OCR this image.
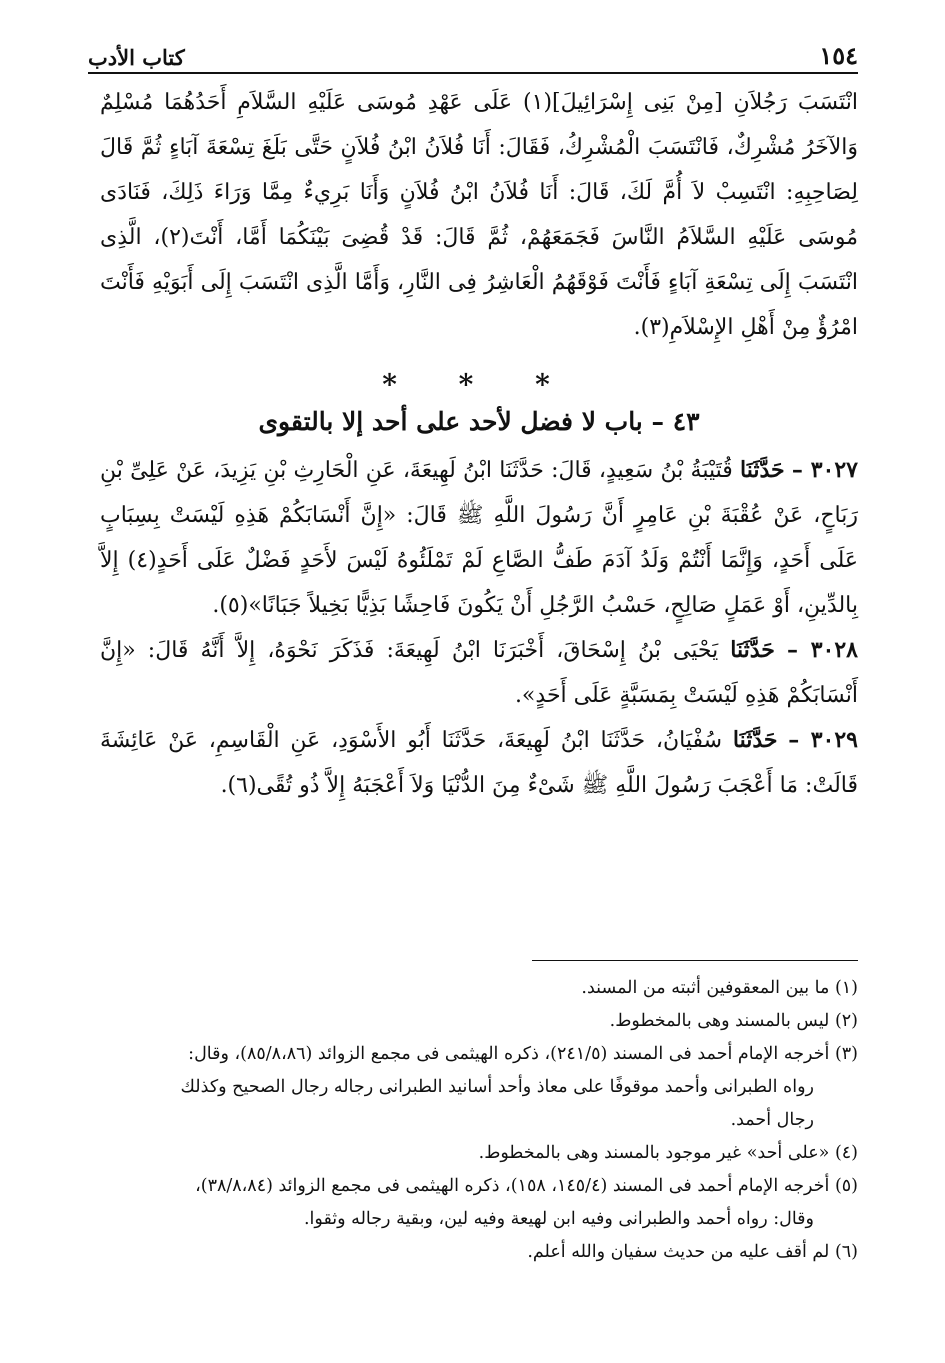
١٥٤
كتاب الأدب

انْتَسَبَ رَجُلاَنِ [مِنْ بَنِى إِسْرَائِيلَ](١) عَلَى عَهْدِ مُوسَى عَلَيْهِ السَّلاَمِ أَحَدُهُمَا مُسْلِمٌ وَالآخَرُ مُشْرِكٌ، فَانْتَسَبَ الْمُشْرِكُ، فَقَالَ: أَنَا فُلاَنُ ابْنُ فُلاَنٍ حَتَّى بَلَغَ تِسْعَةَ آبَاءٍ ثُمَّ قَالَ لِصَاحِبِهِ: انْتَسِبْ لاَ أُمَّ لَكَ، قَالَ: أَنَا فُلاَنُ ابْنُ فُلاَنٍ وَأَنَا بَرِيءٌ مِمَّا وَرَاءَ ذَلِكَ، فَنَادَى مُوسَى عَلَيْهِ السَّلاَمُ النَّاسَ فَجَمَعَهُمْ، ثُمَّ قَالَ: قَدْ قُضِىَ بَيْنَكُمَا أَمَّا، أَنْتَ(٢)، الَّذِى انْتَسَبَ إِلَى تِسْعَةِ آبَاءٍ فَأَنْتَ فَوْقَهُمُ الْعَاشِرُ فِى النَّارِ، وَأَمَّا الَّذِى انْتَسَبَ إِلَى أَبَوَيْهِ فَأَنْتَ امْرُؤٌ مِنْ أَهْلِ الإِسْلاَمِ(٣).

* * *
٤٣ – باب لا فضل لأحد على أحد إلا بالتقوى

٣٠٢٧ – حَدَّثَنَا قُتَيْبَةُ بْنُ سَعِيدٍ، قَالَ: حَدَّثَنَا ابْنُ لَهِيعَةَ، عَنِ الْحَارِثِ بْنِ يَزِيدَ، عَنْ عَلِىِّ بْنِ رَبَاحٍ، عَنْ عُقْبَةَ بْنِ عَامِرٍ أَنَّ رَسُولَ اللَّهِ ﷺ قَالَ: «إِنَّ أَنْسَابَكُمْ هَذِهِ لَيْسَتْ بِسِبَابٍ عَلَى أَحَدٍ، وَإِنَّمَا أَنْتُمْ وَلَدُ آدَمَ طَفُّ الصَّاعِ لَمْ تَمْلَئُوهُ لَيْسَ لأَحَدٍ فَضْلٌ عَلَى أَحَدٍ(٤) إِلاَّ بِالدِّينِ، أَوْ عَمَلٍ صَالِحٍ، حَسْبُ الرَّجُلِ أَنْ يَكُونَ فَاحِشًا بَذِيًّا بَخِيلاً جَبَانًا»(٥).

٣٠٢٨ – حَدَّثَنَا يَحْيَى بْنُ إِسْحَاقَ، أَخْبَرَنَا ابْنُ لَهِيعَةَ: فَذَكَرَ نَحْوَهُ، إِلاَّ أَنَّهُ قَالَ: «إِنَّ أَنْسَابَكُمْ هَذِهِ لَيْسَتْ بِمَسَبَّةٍ عَلَى أَحَدٍ».

٣٠٢٩ – حَدَّثَنَا سُفْيَانُ، حَدَّثَنَا ابْنُ لَهِيعَةَ، حَدَّثَنَا أَبُو الأَسْوَدِ، عَنِ الْقَاسِمِ، عَنْ عَائِشَةَ قَالَتْ: مَا أَعْجَبَ رَسُولَ اللَّهِ ﷺ شَىْءٌ مِنَ الدُّنْيَا وَلاَ أَعْجَبَهُ إِلاَّ ذُو تُقًى(٦).

(١) ما بين المعقوفين أثبته من المسند.

(٢) ليس بالمسند وهى بالمخطوط.

(٣) أخرجه الإمام أحمد فى المسند (٢٤١/٥)، ذكره الهيثمى فى مجمع الزوائد (٨٥/٨،٨٦)، وقال:

رواه الطبرانى وأحمد موقوفًا على معاذ وأحد أسانيد الطبرانى رجاله رجال الصحيح وكذلك

رجال أحمد.

(٤) «على أحد» غير موجود بالمسند وهى بالمخطوط.

(٥) أخرجه الإمام أحمد فى المسند (١٤٥/٤، ١٥٨)، ذكره الهيثمى فى مجمع الزوائد (٣٨/٨،٨٤)،

وقال: رواه أحمد والطبرانى وفيه ابن لهيعة وفيه لين، وبقية رجاله وثقوا.

(٦) لم أقف عليه من حديث سفيان والله أعلم.
